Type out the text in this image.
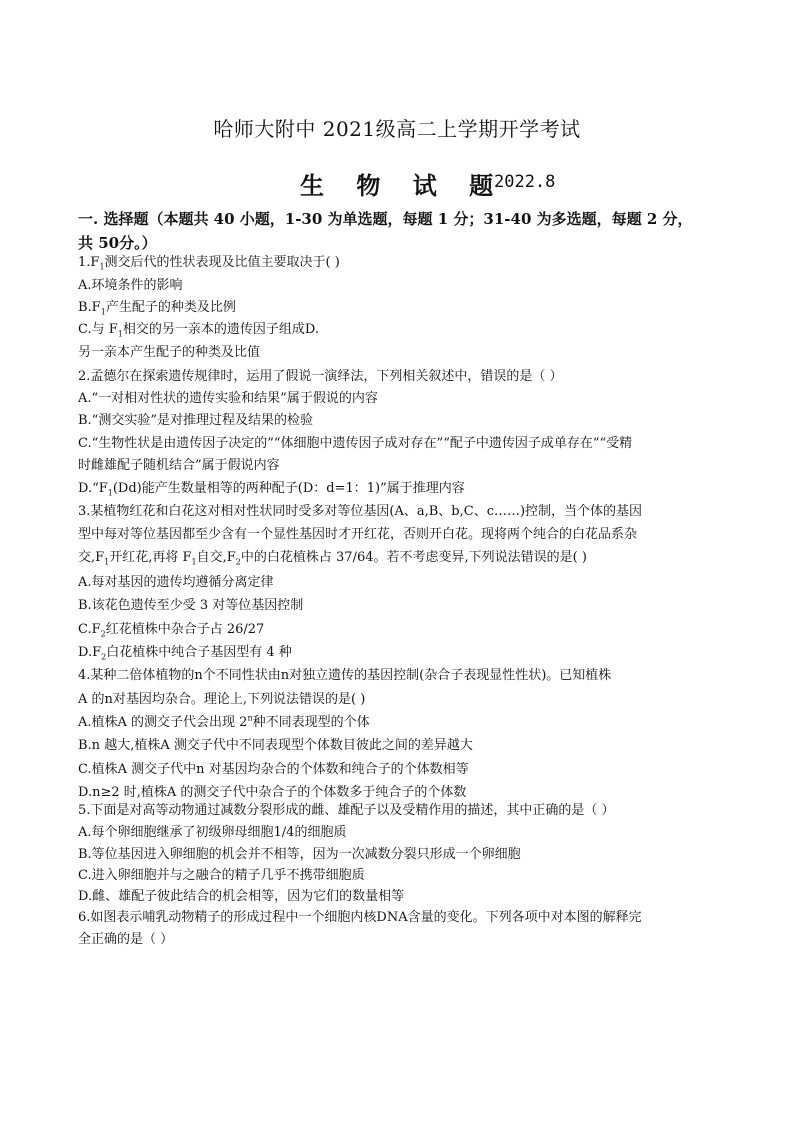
哈师大附中 2021级高二上学期开学考试
生 物 试 题
2022.8
一. 选择题（本题共 40 小题，1-30 为单选题，每题 1 分；31-40 为多选题，每题 2 分，
共 50分。）
$1.F_1$测交后代的性状表现及比值主要取决于( )
A.环境条件的影响
$B.F_1$产生配子的种类及比例
C.与 $F_1$相交的另一亲本的遗传因子组成D.
另一亲本产生配子的种类及比值
2.孟德尔在探索遗传规律时，运用了假说一演绎法，下列相关叙述中，错误的是（ ）
A.“一对相对性状的遗传实验和结果”属于假说的内容
B.“测交实验”是对推理过程及结果的检验
C.“生物性状是由遗传因子决定的”“体细胞中遗传因子成对存在”“配子中遗传因子成单存在”“受精
时雌雄配子随机结合”属于假说内容
$D.“F_1(Dd)$能产生数量相等的两种配子(D：d=1：1)”属于推理内容
3.某植物红花和白花这对相对性状同时受多对等位基因(A、a,B、b,C、c……)控制，当个体的基因
型中每对等位基因都至少含有一个显性基因时才开红花，否则开白花。现将两个纯合的白花品系杂
交$,F_1$开红花,再将 $F_1$自交$,F_2$中的白花植株占 37/64。若不考虑变异,下列说法错误的是( )
A.每对基因的遗传均遵循分离定律
B.该花色遗传至少受 3 对等位基因控制
$C.F_2$红花植株中杂合子占 26/27
$D.F_2$白花植株中纯合子基因型有 4 种
4.某种二倍体植物的n个不同性状由n对独立遗传的基因控制(杂合子表现显性性状)。已知植株
A 的n对基因均杂合。理论上,下列说法错误的是( )
A.植株A 的测交子代会出现 2$^n$种不同表现型的个体
B.n 越大,植株A 测交子代中不同表现型个体数目彼此之间的差异越大
C.植株A 测交子代中n 对基因均杂合的个体数和纯合子的个体数相等
D.n≥2 时,植株A 的测交子代中杂合子的个体数多于纯合子的个体数
5.下面是对高等动物通过减数分裂形成的雌、雄配子以及受精作用的描述，其中正确的是（ ）
A.每个卵细胞继承了初级卵母细胞1/4的细胞质
B.等位基因进入卵细胞的机会并不相等，因为一次减数分裂只形成一个卵细胞
C.进入卵细胞并与之融合的精子几乎不携带细胞质
D.雌、雄配子彼此结合的机会相等，因为它们的数量相等
6.如图表示哺乳动物精子的形成过程中一个细胞内核DNA含量的变化。下列各项中对本图的解释完
全正确的是（ ）
